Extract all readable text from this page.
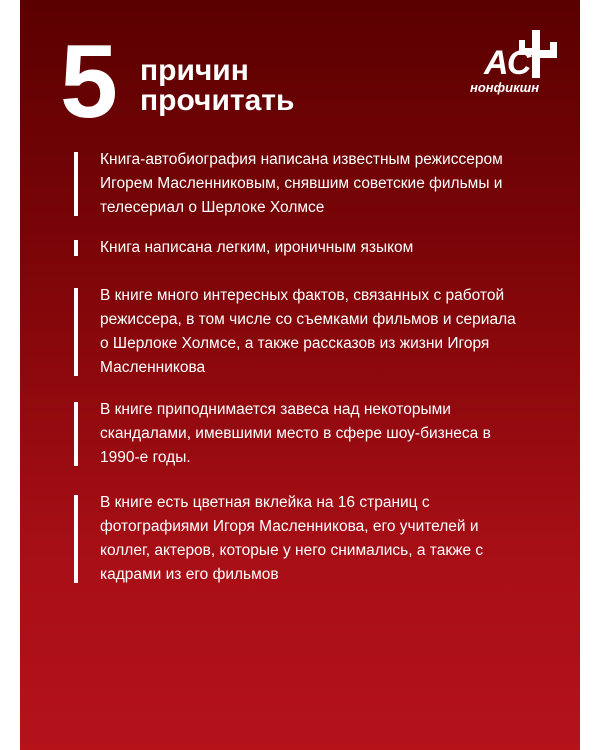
5 причин
прочитать
АС
нонфикшн
Книга-автобиография написана известным режиссером Игорем Масленниковым, снявшим советские фильмы и телесериал о Шерлоке Холмсе
Книга написана легким, ироничным языком
В книге много интересных фактов, связанных с работой режиссера, в том числе со съемками фильмов и сериала о Шерлоке Холмсе, а также рассказов из жизни Игоря Масленникова
В книге приподнимается завеса над некоторыми скандалами, имевшими место в сфере шоу-бизнеса в 1990-е годы.
В книге есть цветная вклейка на 16 страниц с фотографиями Игоря Масленникова, его учителей и коллег, актеров, которые у него снимались, а также с кадрами из его фильмов
